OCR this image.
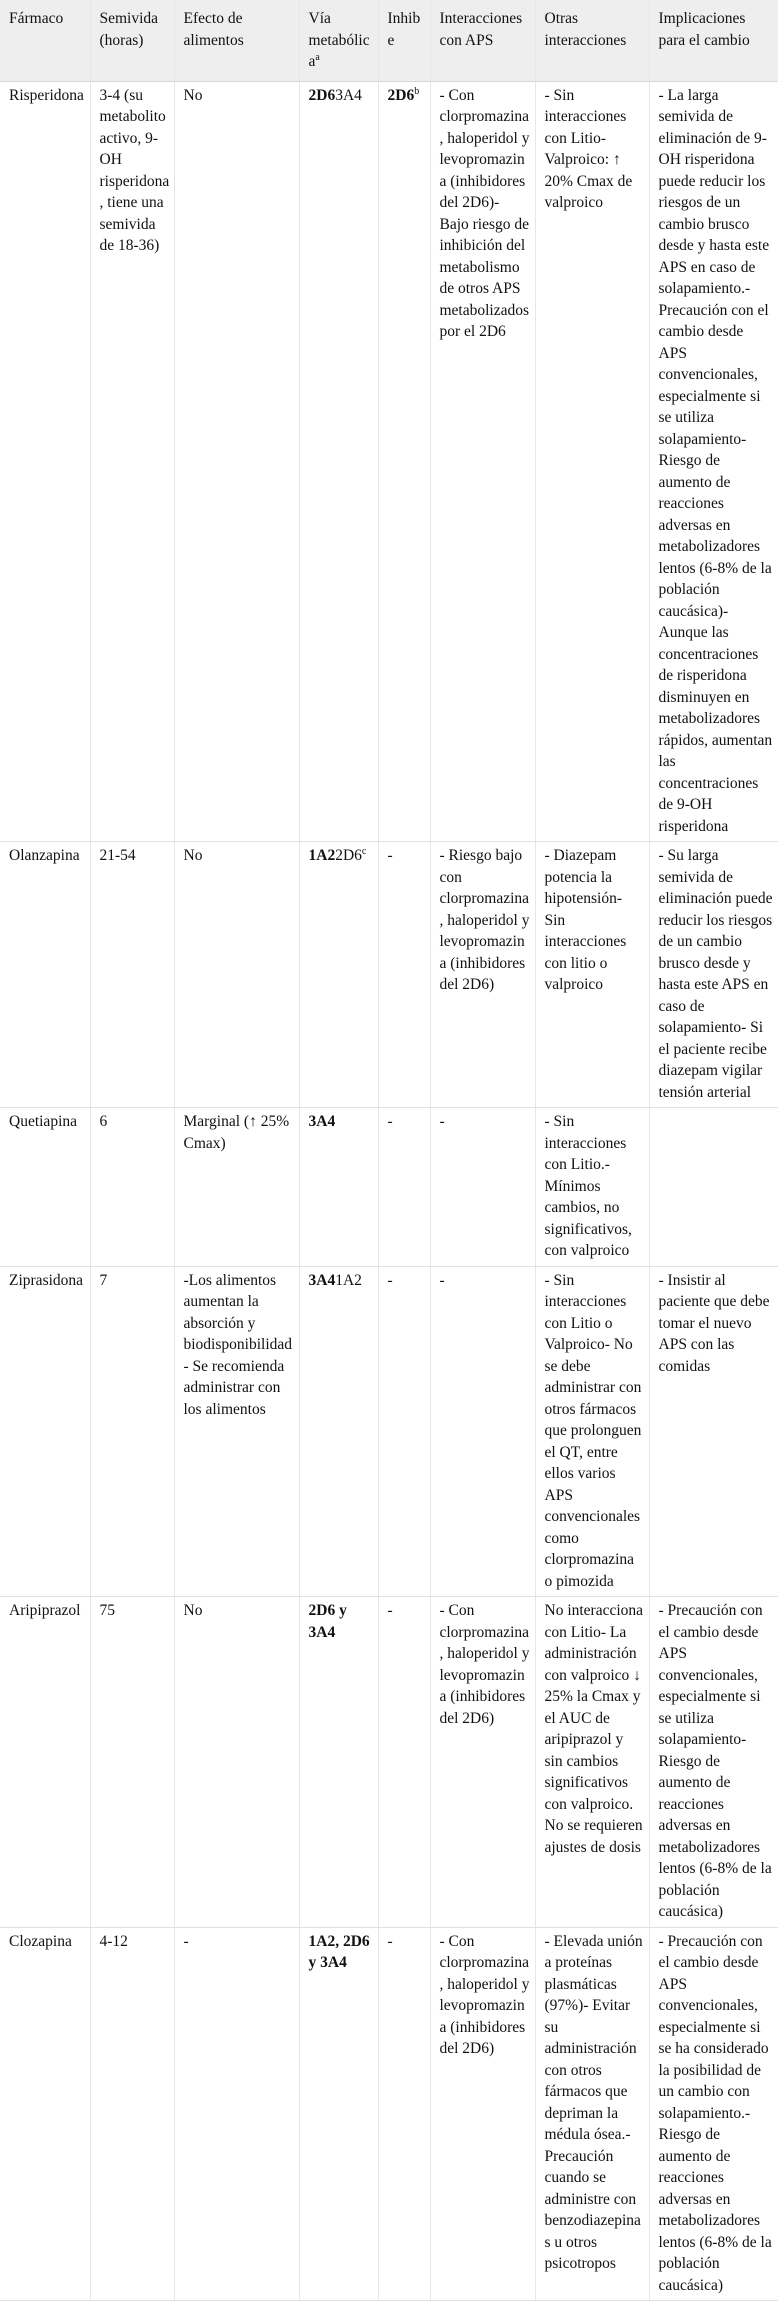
Fármaco	Semivida (horas)	Efecto de alimentos	Vía metabólica$^a$	Inhibe	Interacciones con APS	Otras interacciones	Implicaciones para el cambio
Risperidona	3-4 (su metabolito activo, 9-OH risperidona, tiene una semivida de 18-36)	No	2D63A4	2D6$^b$	- Con clorpromazina, haloperidol y levopromazina (inhibidores del 2D6)- Bajo riesgo de inhibición del metabolismo de otros APS metabolizados por el 2D6	- Sin interacciones con Litio- Valproico: ↑ 20% Cmax de valproico	- La larga semivida de eliminación de 9-OH risperidona puede reducir los riesgos de un cambio brusco desde y hasta este APS en caso de solapamiento.- Precaución con el cambio desde APS convencionales, especialmente si se utiliza solapamiento- Riesgo de aumento de reacciones adversas en metabolizadores lentos (6-8% de la población caucásica)- Aunque las concentraciones de risperidona disminuyen en metabolizadores rápidos, aumentan las concentraciones de 9-OH risperidona
Olanzapina	21-54	No	1A22D6$^c$	-	- Riesgo bajo con clorpromazina, haloperidol y levopromazina (inhibidores del 2D6)	- Diazepam potencia la hipotensión- Sin interacciones con litio o valproico	- Su larga semivida de eliminación puede reducir los riesgos de un cambio brusco desde y hasta este APS en caso de solapamiento- Si el paciente recibe diazepam vigilar tensión arterial
Quetiapina	6	Marginal (↑ 25% Cmax)	3A4	-	-	- Sin interacciones con Litio.- Mínimos cambios, no significativos, con valproico	
Ziprasidona	7	-Los alimentos aumentan la absorción y biodisponibilidad- Se recomienda administrar con los alimentos	3A41A2	-	-	- Sin interacciones con Litio o Valproico- No se debe administrar con otros fármacos que prolonguen el QT, entre ellos varios APS convencionales como clorpromazina o pimozida	- Insistir al paciente que debe tomar el nuevo APS con las comidas
Aripiprazol	75	No	2D6 y 3A4	-	- Con clorpromazina, haloperidol y levopromazina (inhibidores del 2D6)	No interacciona con Litio- La administración con valproico ↓ 25% la Cmax y el AUC de aripiprazol y sin cambios significativos con valproico. No se requieren ajustes de dosis	- Precaución con el cambio desde APS convencionales, especialmente si se utiliza solapamiento- Riesgo de aumento de reacciones adversas en metabolizadores lentos (6-8% de la población caucásica)
Clozapina	4-12	-	1A2, 2D6 y 3A4	-	- Con clorpromazina, haloperidol y levopromazina (inhibidores del 2D6)	- Elevada unión a proteínas plasmáticas (97%)- Evitar su administración con otros fármacos que depriman la médula ósea.- Precaución cuando se administre con benzodiazepinas u otros psicotropos	- Precaución con el cambio desde APS convencionales, especialmente si se ha considerado la posibilidad de un cambio con solapamiento.- Riesgo de aumento de reacciones adversas en metabolizadores lentos (6-8% de la población caucásica)
